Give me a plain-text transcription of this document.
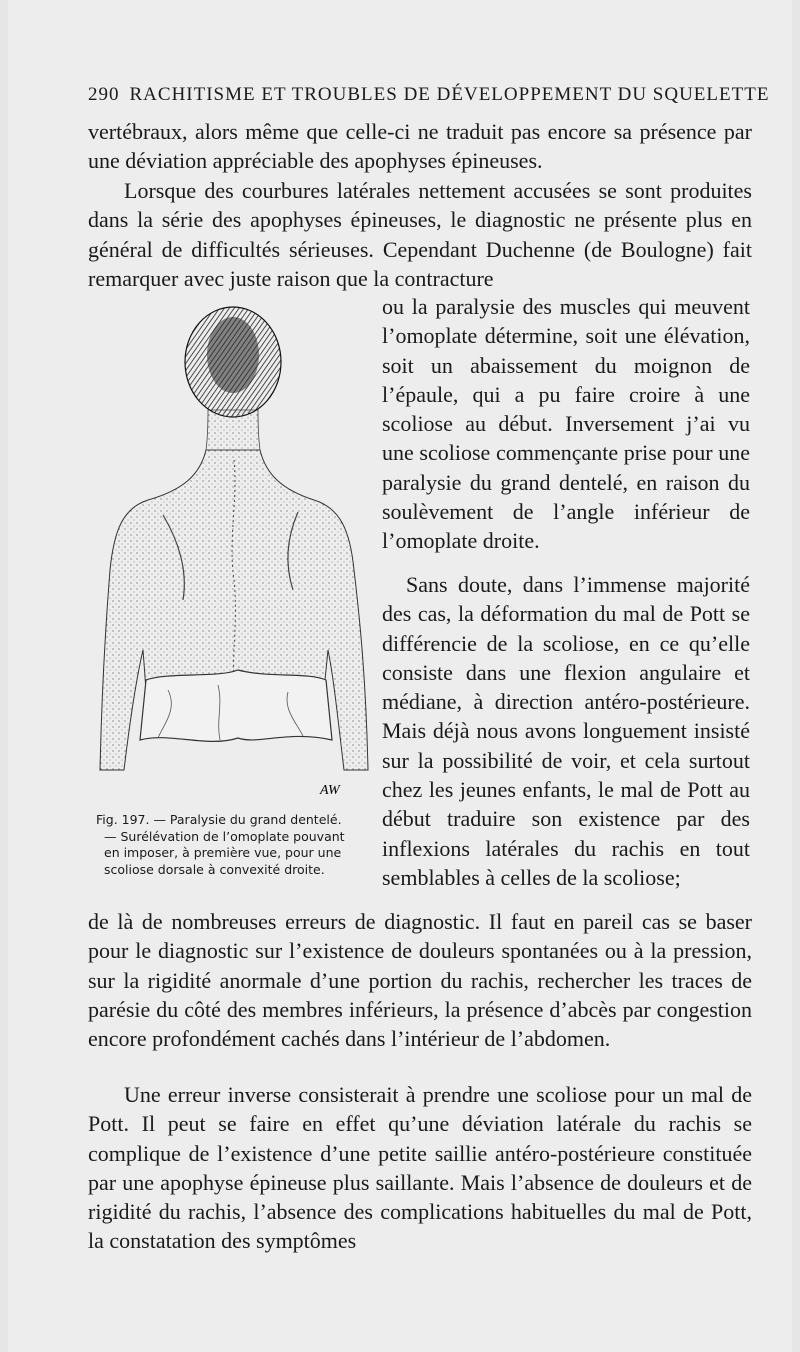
290 RACHITISME ET TROUBLES DE DÉVELOPPEMENT DU SQUELETTE

vertébraux, alors même que celle-ci ne traduit pas encore sa présence par une déviation appréciable des apophyses épineuses.

Lorsque des courbures latérales nettement accusées se sont produites dans la série des apophyses épineuses, le diagnostic ne présente plus en général de difficultés sérieuses. Cependant Duchenne (de Boulogne) fait remarquer avec juste raison que la contracture

ou la paralysie des muscles qui meuvent l’omoplate détermine, soit une élévation, soit un abaissement du moignon de l’épaule, qui a pu faire croire à une scoliose au début. Inversement j’ai vu une scoliose commençante prise pour une paralysie du grand dentelé, en raison du soulèvement de l’angle inférieur de l’omoplate droite.

Sans doute, dans l’immense majorité des cas, la déformation du mal de Pott se différencie de la scoliose, en ce qu’elle consiste dans une flexion angulaire et médiane, à direction antéro-postérieure. Mais déjà nous avons longuement insisté sur la possibilité de voir, et cela surtout chez les jeunes enfants, le mal de Pott au début traduire son existence par des inflexions latérales du rachis en tout semblables à celles de la scoliose;

de là de nombreuses erreurs de diagnostic. Il faut en pareil cas se baser pour le diagnostic sur l’existence de douleurs spontanées ou à la pression, sur la rigidité anormale d’une portion du rachis, rechercher les traces de parésie du côté des membres inférieurs, la présence d’abcès par congestion encore profondément cachés dans l’intérieur de l’abdomen.

Une erreur inverse consisterait à prendre une scoliose pour un mal de Pott. Il peut se faire en effet qu’une déviation latérale du rachis se complique de l’existence d’une petite saillie antéro-postérieure constituée par une apophyse épineuse plus saillante. Mais l’absence de douleurs et de rigidité du rachis, l’absence des complications habituelles du mal de Pott, la constatation des symptômes

AW

Fig. 197. — Paralysie du grand dentelé.
— Surélévation de l’omoplate pouvant
en imposer, à première vue, pour une
scoliose dorsale à convexité droite.
